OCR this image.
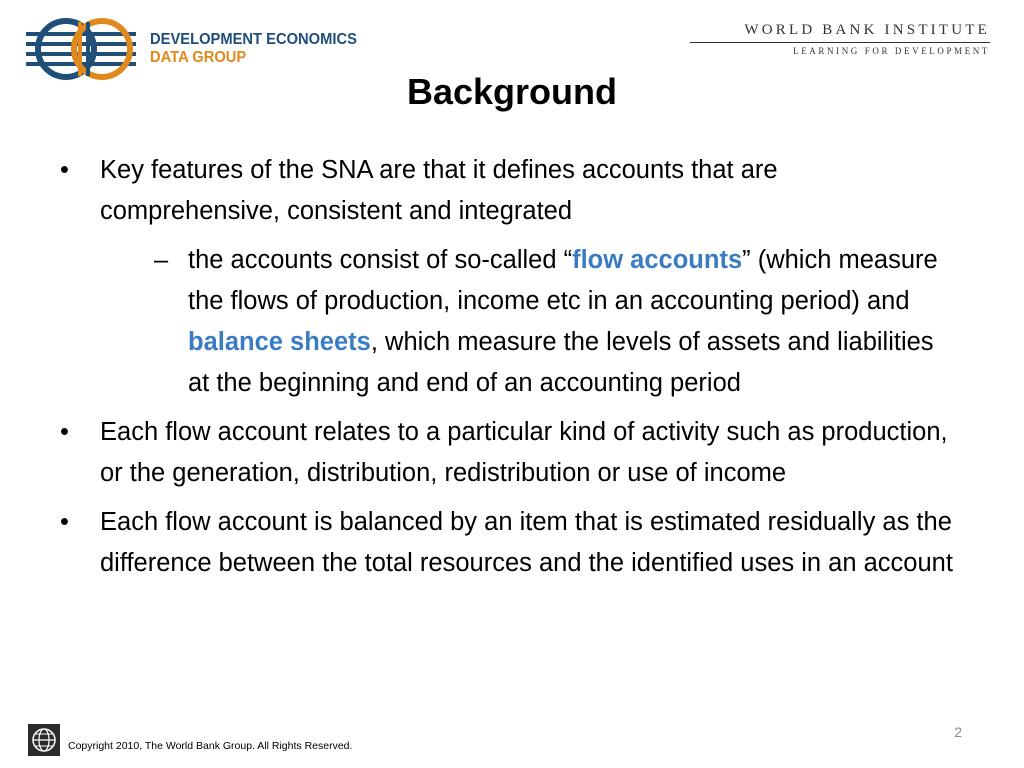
DEVELOPMENT ECONOMICS
DATA GROUP
WORLD BANK INSTITUTE
LEARNING FOR DEVELOPMENT
Background
• Key features of the SNA are that it defines accounts that are comprehensive, consistent and integrated
– the accounts consist of so-called “flow accounts” (which measure the flows of production, income etc in an accounting period) and balance sheets, which measure the levels of assets and liabilities at the beginning and end of an accounting period
• Each flow account relates to a particular kind of activity such as production, or the generation, distribution, redistribution or use of income
• Each flow account is balanced by an item that is estimated residually as the difference between the total resources and the identified uses in an account
Copyright 2010, The World Bank Group. All Rights Reserved.
2
